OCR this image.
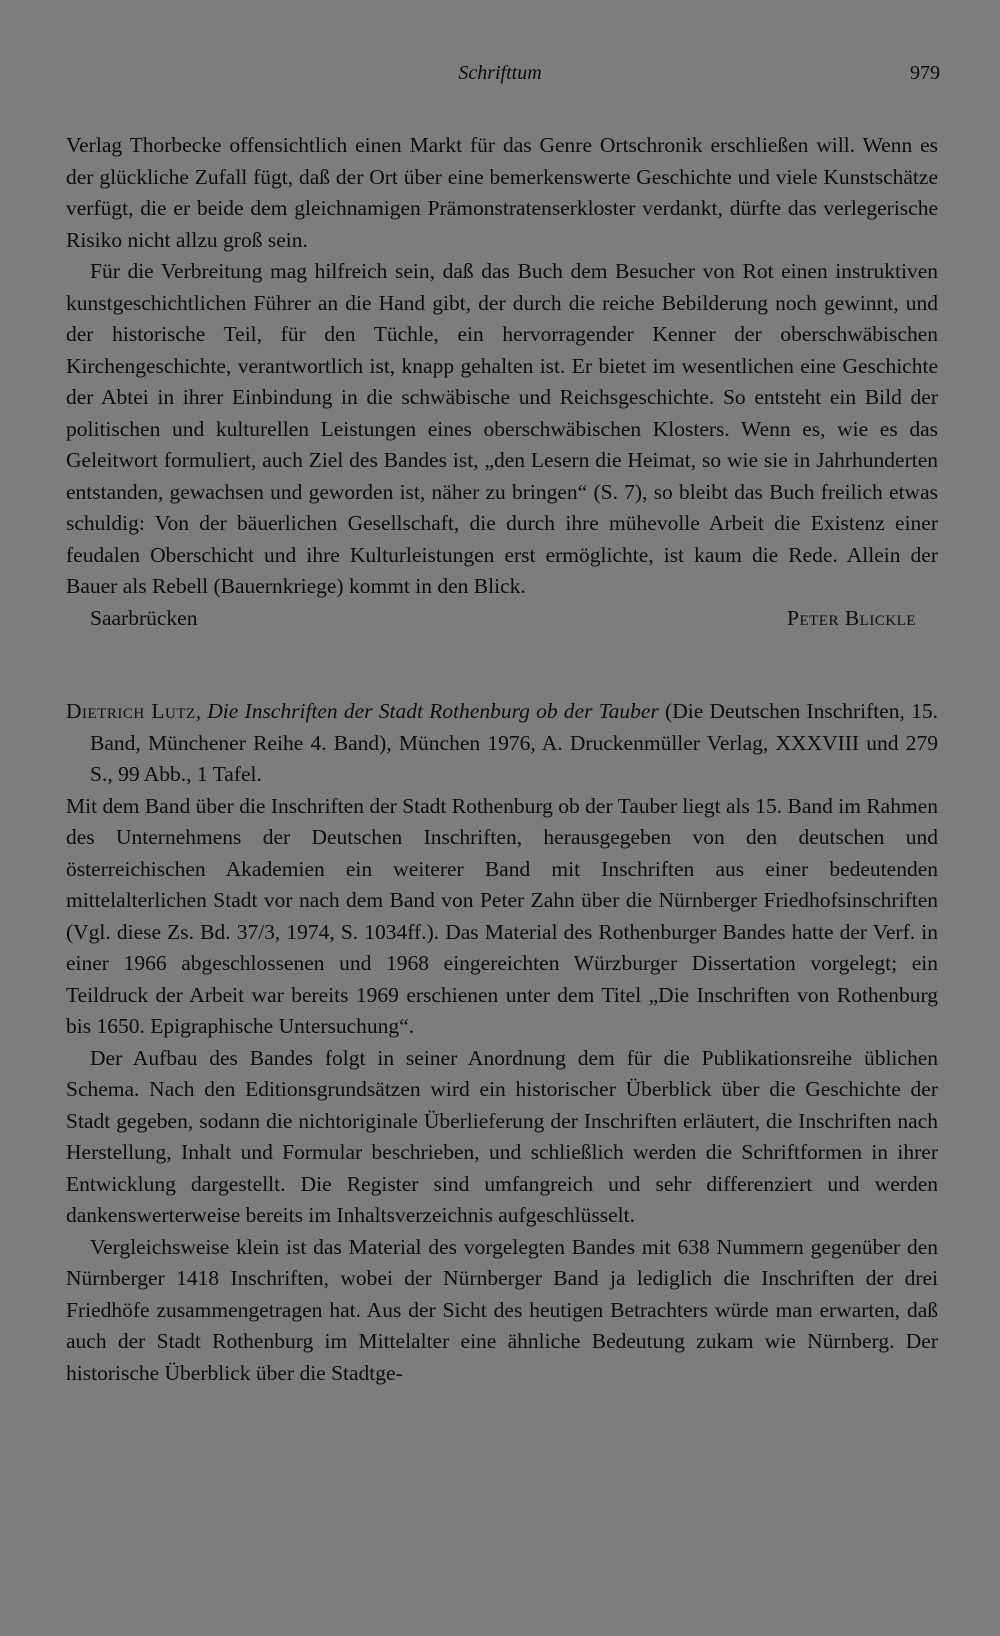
Schrifttum	979

Verlag Thorbecke offensichtlich einen Markt für das Genre Ortschronik erschließen will. Wenn es der glückliche Zufall fügt, daß der Ort über eine bemerkenswerte Geschichte und viele Kunstschätze verfügt, die er beide dem gleichnamigen Prämonstratenserkloster verdankt, dürfte das verlegerische Risiko nicht allzu groß sein.

Für die Verbreitung mag hilfreich sein, daß das Buch dem Besucher von Rot einen instruktiven kunstgeschichtlichen Führer an die Hand gibt, der durch die reiche Bebilderung noch gewinnt, und der historische Teil, für den Tüchle, ein hervorragender Kenner der oberschwäbischen Kirchengeschichte, verantwortlich ist, knapp gehalten ist. Er bietet im wesentlichen eine Geschichte der Abtei in ihrer Einbindung in die schwäbische und Reichsgeschichte. So entsteht ein Bild der politischen und kulturellen Leistungen eines oberschwäbischen Klosters. Wenn es, wie es das Geleitwort formuliert, auch Ziel des Bandes ist, „den Lesern die Heimat, so wie sie in Jahrhunderten entstanden, gewachsen und geworden ist, näher zu bringen“ (S. 7), so bleibt das Buch freilich etwas schuldig: Von der bäuerlichen Gesellschaft, die durch ihre mühevolle Arbeit die Existenz einer feudalen Oberschicht und ihre Kulturleistungen erst ermöglichte, ist kaum die Rede. Allein der Bauer als Rebell (Bauernkriege) kommt in den Blick.

Saarbrücken	Peter Blickle

Dietrich Lutz, Die Inschriften der Stadt Rothenburg ob der Tauber (Die Deutschen Inschriften, 15. Band, Münchener Reihe 4. Band), München 1976, A. Druckenmüller Verlag, XXXVIII und 279 S., 99 Abb., 1 Tafel.

Mit dem Band über die Inschriften der Stadt Rothenburg ob der Tauber liegt als 15. Band im Rahmen des Unternehmens der Deutschen Inschriften, herausgegeben von den deutschen und österreichischen Akademien ein weiterer Band mit Inschriften aus einer bedeutenden mittelalterlichen Stadt vor nach dem Band von Peter Zahn über die Nürnberger Friedhofsinschriften (Vgl. diese Zs. Bd. 37/3, 1974, S. 1034ff.). Das Material des Rothenburger Bandes hatte der Verf. in einer 1966 abgeschlossenen und 1968 eingereichten Würzburger Dissertation vorgelegt; ein Teildruck der Arbeit war bereits 1969 erschienen unter dem Titel „Die Inschriften von Rothenburg bis 1650. Epigraphische Untersuchung“.

Der Aufbau des Bandes folgt in seiner Anordnung dem für die Publikationsreihe üblichen Schema. Nach den Editionsgrundsätzen wird ein historischer Überblick über die Geschichte der Stadt gegeben, sodann die nichtoriginale Überlieferung der Inschriften erläutert, die Inschriften nach Herstellung, Inhalt und Formular beschrieben, und schließlich werden die Schriftformen in ihrer Entwicklung dargestellt. Die Register sind umfangreich und sehr differenziert und werden dankenswerterweise bereits im Inhaltsverzeichnis aufgeschlüsselt.

Vergleichsweise klein ist das Material des vorgelegten Bandes mit 638 Nummern gegenüber den Nürnberger 1418 Inschriften, wobei der Nürnberger Band ja lediglich die Inschriften der drei Friedhöfe zusammengetragen hat. Aus der Sicht des heutigen Betrachters würde man erwarten, daß auch der Stadt Rothenburg im Mittelalter eine ähnliche Bedeutung zukam wie Nürnberg. Der historische Überblick über die Stadtge-
